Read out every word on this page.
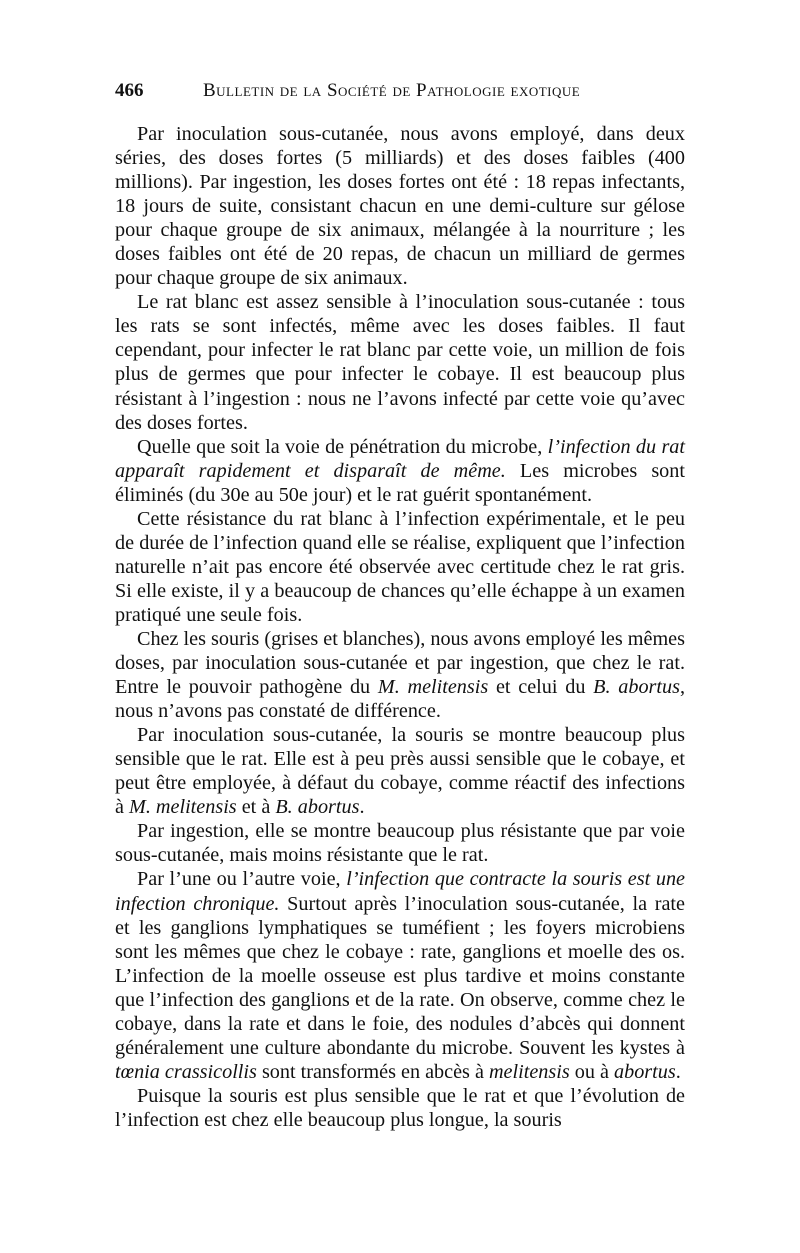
466	Bulletin de la Société de Pathologie exotique

Par inoculation sous-cutanée, nous avons employé, dans deux séries, des doses fortes (5 milliards) et des doses faibles (400 millions). Par ingestion, les doses fortes ont été : 18 repas infectants, 18 jours de suite, consistant chacun en une demi-culture sur gélose pour chaque groupe de six animaux, mélangée à la nourriture ; les doses faibles ont été de 20 repas, de chacun un milliard de germes pour chaque groupe de six animaux.

Le rat blanc est assez sensible à l’inoculation sous-cutanée : tous les rats se sont infectés, même avec les doses faibles. Il faut cependant, pour infecter le rat blanc par cette voie, un million de fois plus de germes que pour infecter le cobaye. Il est beaucoup plus résistant à l’ingestion : nous ne l’avons infecté par cette voie qu’avec des doses fortes.

Quelle que soit la voie de pénétration du microbe, l’infection du rat apparaît rapidement et disparaît de même. Les microbes sont éliminés (du 30e au 50e jour) et le rat guérit spontanément.

Cette résistance du rat blanc à l’infection expérimentale, et le peu de durée de l’infection quand elle se réalise, expliquent que l’infection naturelle n’ait pas encore été observée avec certitude chez le rat gris. Si elle existe, il y a beaucoup de chances qu’elle échappe à un examen pratiqué une seule fois.

Chez les souris (grises et blanches), nous avons employé les mêmes doses, par inoculation sous-cutanée et par ingestion, que chez le rat. Entre le pouvoir pathogène du M. melitensis et celui du B. abortus, nous n’avons pas constaté de différence.

Par inoculation sous-cutanée, la souris se montre beaucoup plus sensible que le rat. Elle est à peu près aussi sensible que le cobaye, et peut être employée, à défaut du cobaye, comme réactif des infections à M. melitensis et à B. abortus.

Par ingestion, elle se montre beaucoup plus résistante que par voie sous-cutanée, mais moins résistante que le rat.

Par l’une ou l’autre voie, l’infection que contracte la souris est une infection chronique. Surtout après l’inoculation sous-cutanée, la rate et les ganglions lymphatiques se tuméfient ; les foyers microbiens sont les mêmes que chez le cobaye : rate, ganglions et moelle des os. L’infection de la moelle osseuse est plus tardive et moins constante que l’infection des ganglions et de la rate. On observe, comme chez le cobaye, dans la rate et dans le foie, des nodules d’abcès qui donnent généralement une culture abondante du microbe. Souvent les kystes à tœnia crassicollis sont transformés en abcès à melitensis ou à abortus.

Puisque la souris est plus sensible que le rat et que l’évolution de l’infection est chez elle beaucoup plus longue, la souris
